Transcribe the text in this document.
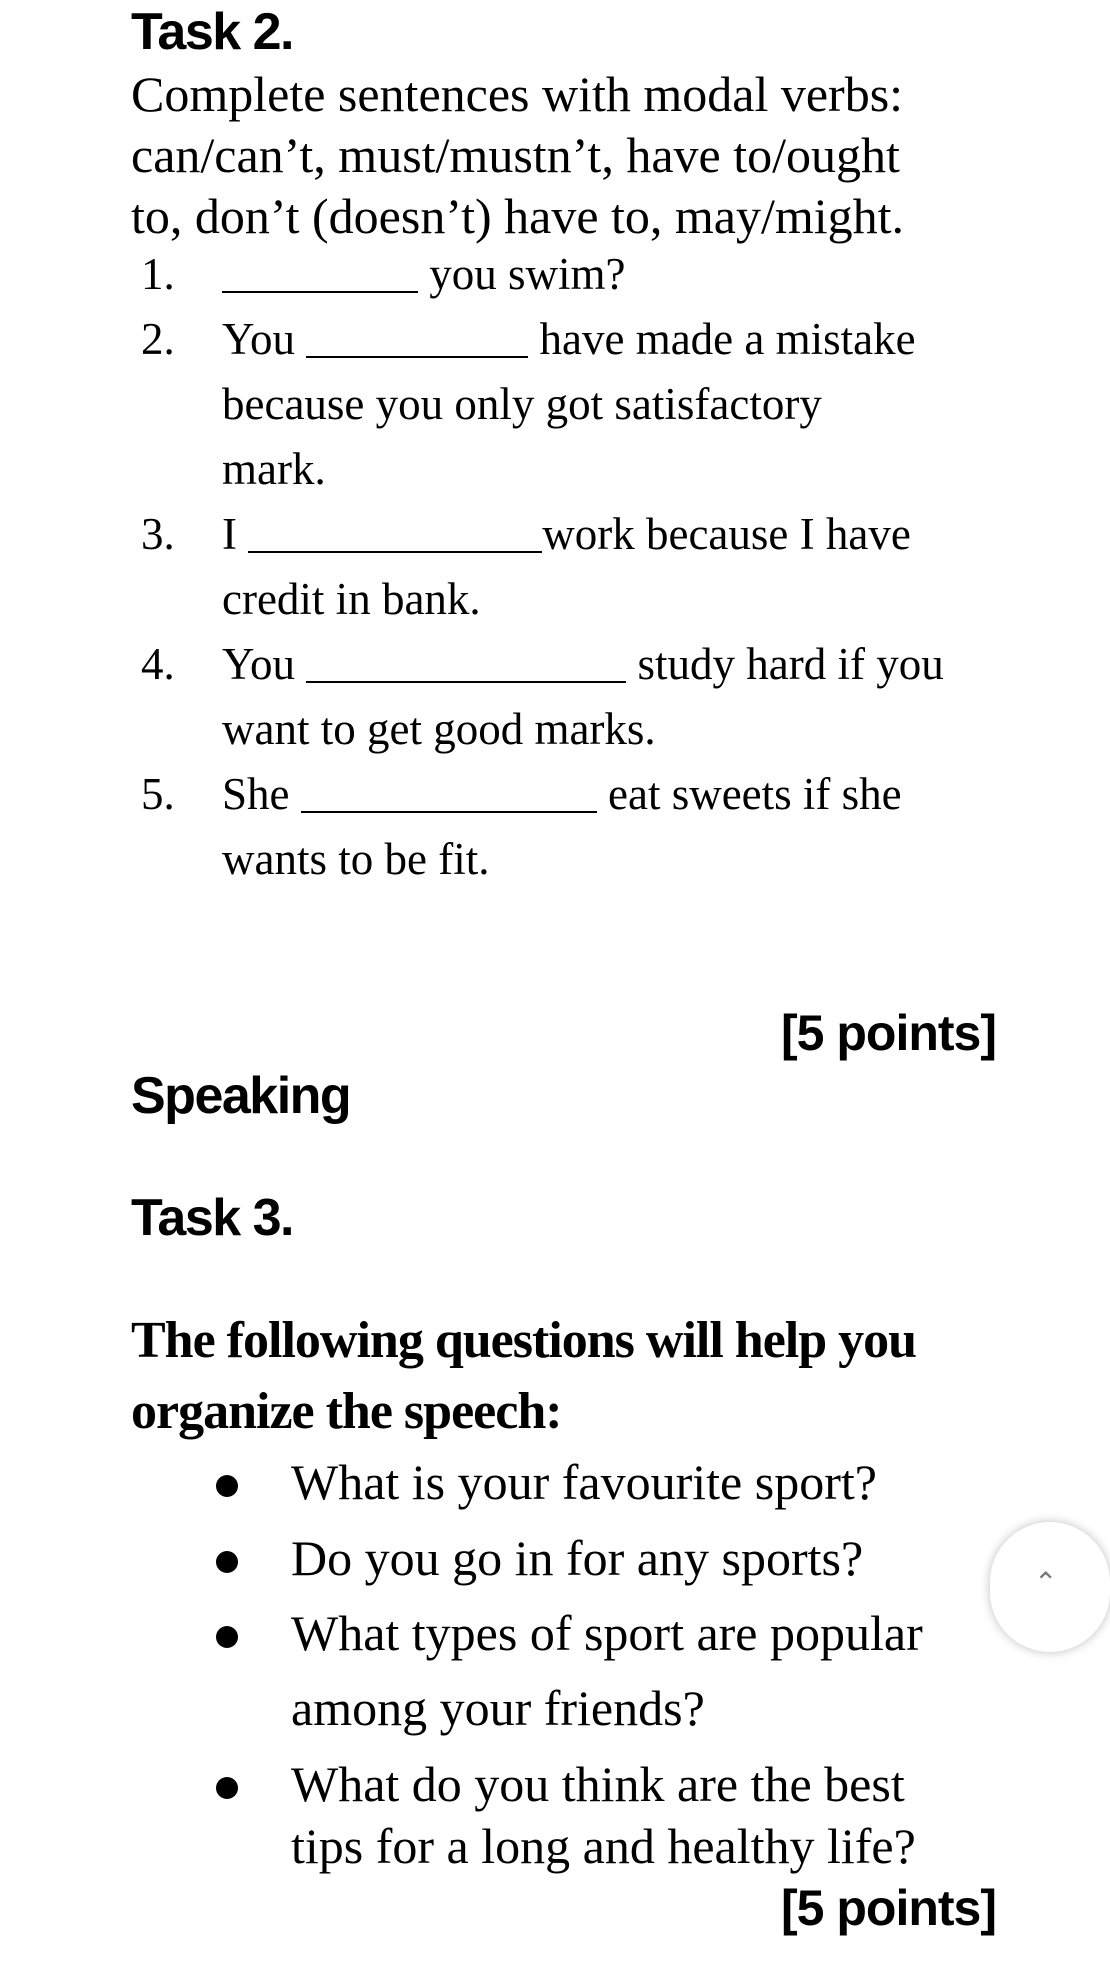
Task 2.
Complete sentences with modal verbs:
can/can’t, must/mustn’t, have to/ought
to, don’t (doesn’t) have to, may/might.
1.	you swim?
2. You	have made a mistake
because you only got satisfactory
mark.
3. I	work because I have
credit in bank.
4. You	study hard if you
want to get good marks.
5. She	eat sweets if she
wants to be fit.
[5 points]
Speaking
Task 3.
The following questions will help you
organize the speech:
What is your favourite sport?
Do you go in for any sports?
What types of sport are popular
among your friends?
What do you think are the best
tips for a long and healthy life?
[5 points]
⌃
